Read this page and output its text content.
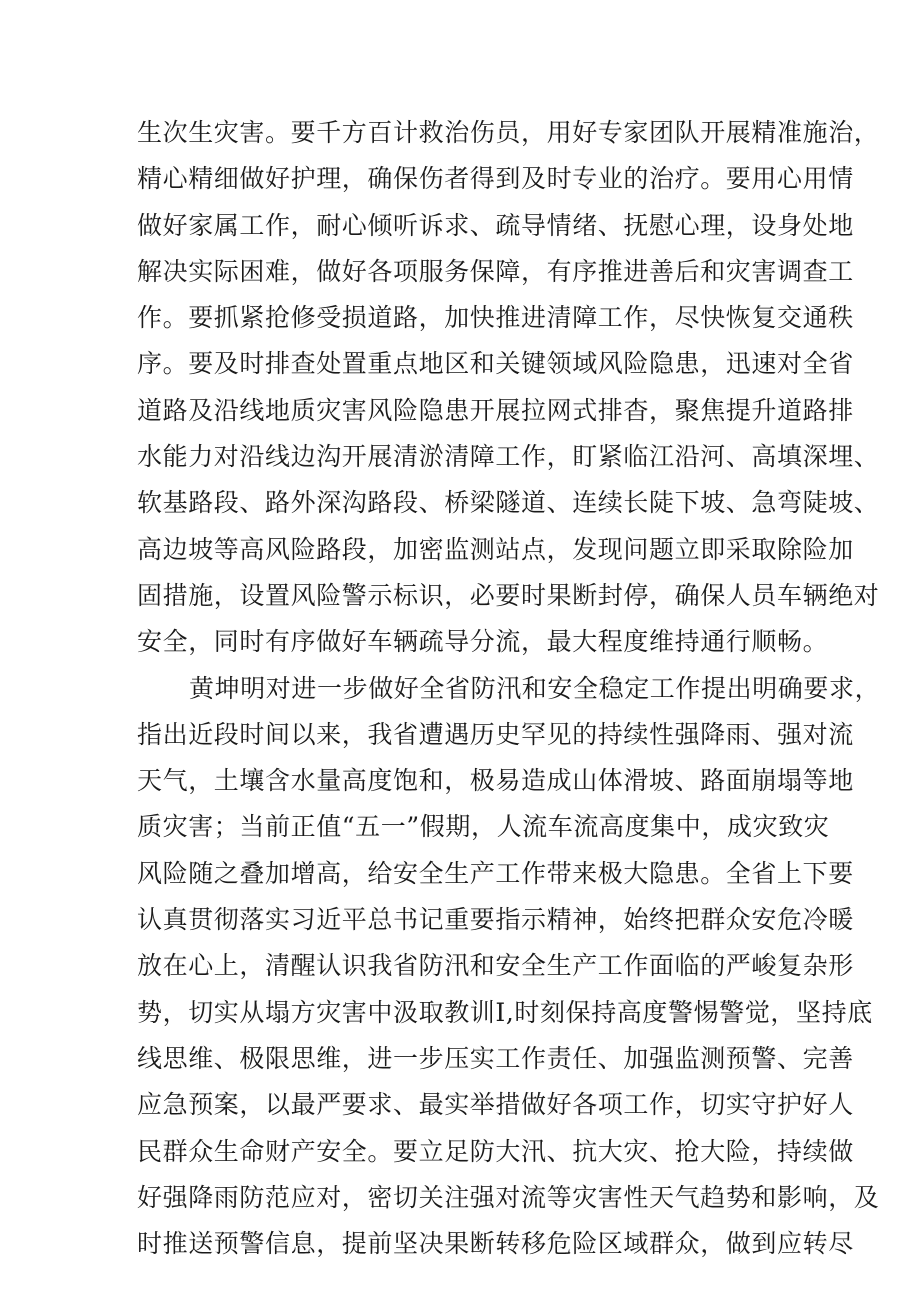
生次生灾害。要千方百计救治伤员，用好专家团队开展精准施治，
精心精细做好护理，确保伤者得到及时专业的治疗。要用心用情
做好家属工作，耐心倾听诉求、疏导情绪、抚慰心理，设身处地
解决实际困难，做好各项服务保障，有序推进善后和灾害调查工
作。要抓紧抢修受损道路，加快推进清障工作，尽快恢复交通秩
序。要及时排查处置重点地区和关键领域风险隐患，迅速对全省
道路及沿线地质灾害风险隐患开展拉网式排杳，聚焦提升道路排
水能力对沿线边沟开展清淤清障工作，盯紧临江沿河、高填深埋、
软基路段、路外深沟路段、桥梁隧道、连续长陡下坡、急弯陡坡、
高边坡等高风险路段，加密监测站点，发现问题立即采取除险加
固措施，设置风险警示标识，必要时果断封停，确保人员车辆绝对
安全，同时有序做好车辆疏导分流，最大程度维持通行顺畅。
黄坤明对进一步做好全省防汛和安全稳定工作提出明确要求，
指出近段时间以来，我省遭遇历史罕见的持续性强降雨、强对流
天气，土壤含水量高度饱和，极易造成山体滑坡、路面崩塌等地
质灾害；当前正值“五一”假期，人流车流高度集中，成灾致灾
风险随之叠加增高，给安全生产工作带来极大隐患。全省上下要
认真贯彻落实习近平总书记重要指示精神，始终把群众安危冷暖
放在心上，清醒认识我省防汛和安全生产工作面临的严峻复杂形
势，切实从塌方灾害中汲取教训I,时刻保持高度警惕警觉，坚持底
线思维、极限思维，进一步压实工作责任、加强监测预警、完善
应急预案，以最严要求、最实举措做好各项工作，切实守护好人
民群众生命财产安全。要立足防大汛、抗大灾、抢大险，持续做
好强降雨防范应对，密切关注强对流等灾害性天气趋势和影响，及
时推送预警信息，提前坚决果断转移危险区域群众，做到应转尽
